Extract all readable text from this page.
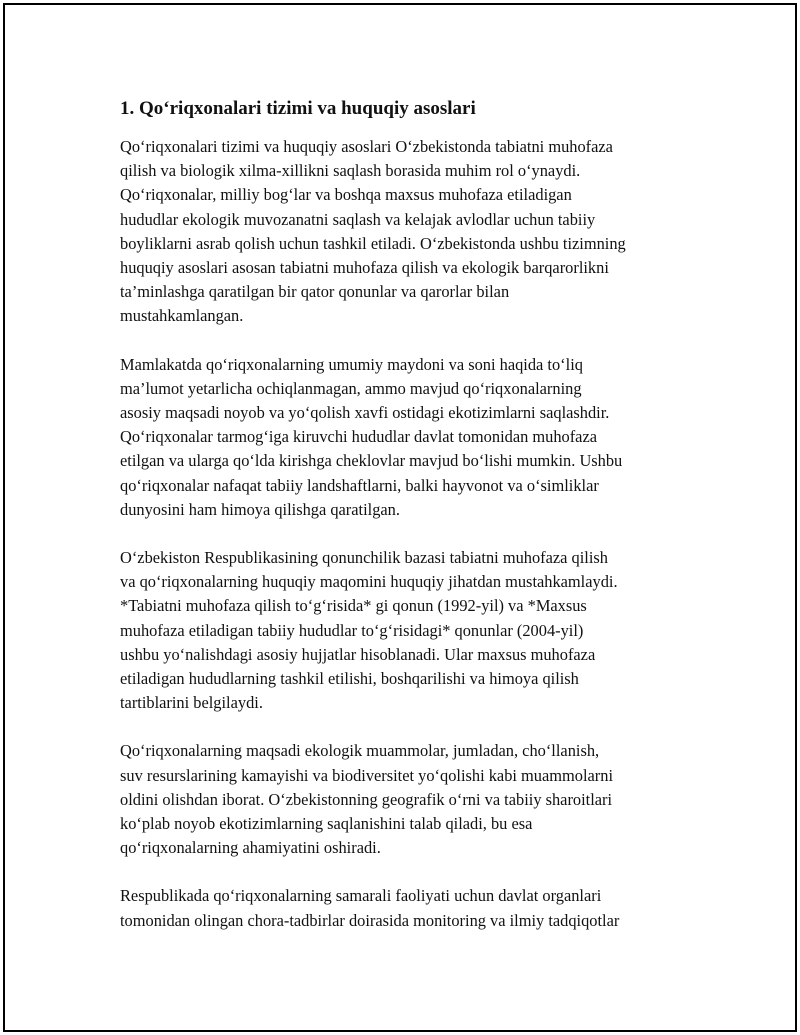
1. Qo‘riqxonalari tizimi va huquqiy asoslari

Qo‘riqxonalari tizimi va huquqiy asoslari O‘zbekistonda tabiatni muhofaza
qilish va biologik xilma-xillikni saqlash borasida muhim rol o‘ynaydi.
Qo‘riqxonalar, milliy bog‘lar va boshqa maxsus muhofaza etiladigan
hududlar ekologik muvozanatni saqlash va kelajak avlodlar uchun tabiiy
boyliklarni asrab qolish uchun tashkil etiladi. O‘zbekistonda ushbu tizimning
huquqiy asoslari asosan tabiatni muhofaza qilish va ekologik barqarorlikni
ta’minlashga qaratilgan bir qator qonunlar va qarorlar bilan
mustahkamlangan.

Mamlakatda qo‘riqxonalarning umumiy maydoni va soni haqida to‘liq
ma’lumot yetarlicha ochiqlanmagan, ammo mavjud qo‘riqxonalarning
asosiy maqsadi noyob va yo‘qolish xavfi ostidagi ekotizimlarni saqlashdir.
Qo‘riqxonalar tarmog‘iga kiruvchi hududlar davlat tomonidan muhofaza
etilgan va ularga qo‘lda kirishga cheklovlar mavjud bo‘lishi mumkin. Ushbu
qo‘riqxonalar nafaqat tabiiy landshaftlarni, balki hayvonot va o‘simliklar
dunyosini ham himoya qilishga qaratilgan.

O‘zbekiston Respublikasining qonunchilik bazasi tabiatni muhofaza qilish
va qo‘riqxonalarning huquqiy maqomini huquqiy jihatdan mustahkamlaydi.
*Tabiatni muhofaza qilish to‘g‘risida* gi qonun (1992-yil) va *Maxsus
muhofaza etiladigan tabiiy hududlar to‘g‘risidagi* qonunlar (2004-yil)
ushbu yo‘nalishdagi asosiy hujjatlar hisoblanadi. Ular maxsus muhofaza
etiladigan hududlarning tashkil etilishi, boshqarilishi va himoya qilish
tartiblarini belgilaydi.

Qo‘riqxonalarning maqsadi ekologik muammolar, jumladan, cho‘llanish,
suv resurslarining kamayishi va biodiversitet yo‘qolishi kabi muammolarni
oldini olishdan iborat. O‘zbekistonning geografik o‘rni va tabiiy sharoitlari
ko‘plab noyob ekotizimlarning saqlanishini talab qiladi, bu esa
qo‘riqxonalarning ahamiyatini oshiradi.

Respublikada qo‘riqxonalarning samarali faoliyati uchun davlat organlari
tomonidan olingan chora-tadbirlar doirasida monitoring va ilmiy tadqiqotlar
